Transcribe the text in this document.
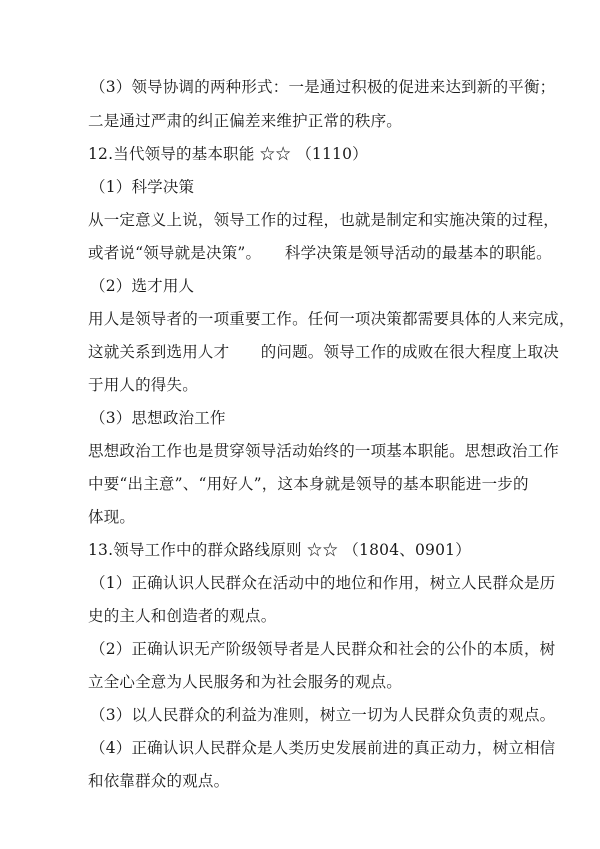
（3）领导协调的两种形式：一是通过积极的促进来达到新的平衡；
二是通过严肃的纠正偏差来维护正常的秩序。
12.当代领导的基本职能 ☆☆ （1110）
（1）科学决策
从一定意义上说，领导工作的过程，也就是制定和实施决策的过程，
或者说“领导就是决策”。　　科学决策是领导活动的最基本的职能。
（2）选才用人
用人是领导者的一项重要工作。任何一项决策都需要具体的人来完成，
这就关系到选用人才　　的问题。领导工作的成败在很大程度上取决
于用人的得失。
（3）思想政治工作
思想政治工作也是贯穿领导活动始终的一项基本职能。思想政治工作
中要“出主意”、“用好人”，这本身就是领导的基本职能进一步的
体现。
13.领导工作中的群众路线原则 ☆☆ （1804、0901）
（1）正确认识人民群众在活动中的地位和作用，树立人民群众是历
史的主人和创造者的观点。
（2）正确认识无产阶级领导者是人民群众和社会的公仆的本质，树
立全心全意为人民服务和为社会服务的观点。
（3）以人民群众的利益为准则，树立一切为人民群众负责的观点。
（4）正确认识人民群众是人类历史发展前进的真正动力，树立相信
和依靠群众的观点。
